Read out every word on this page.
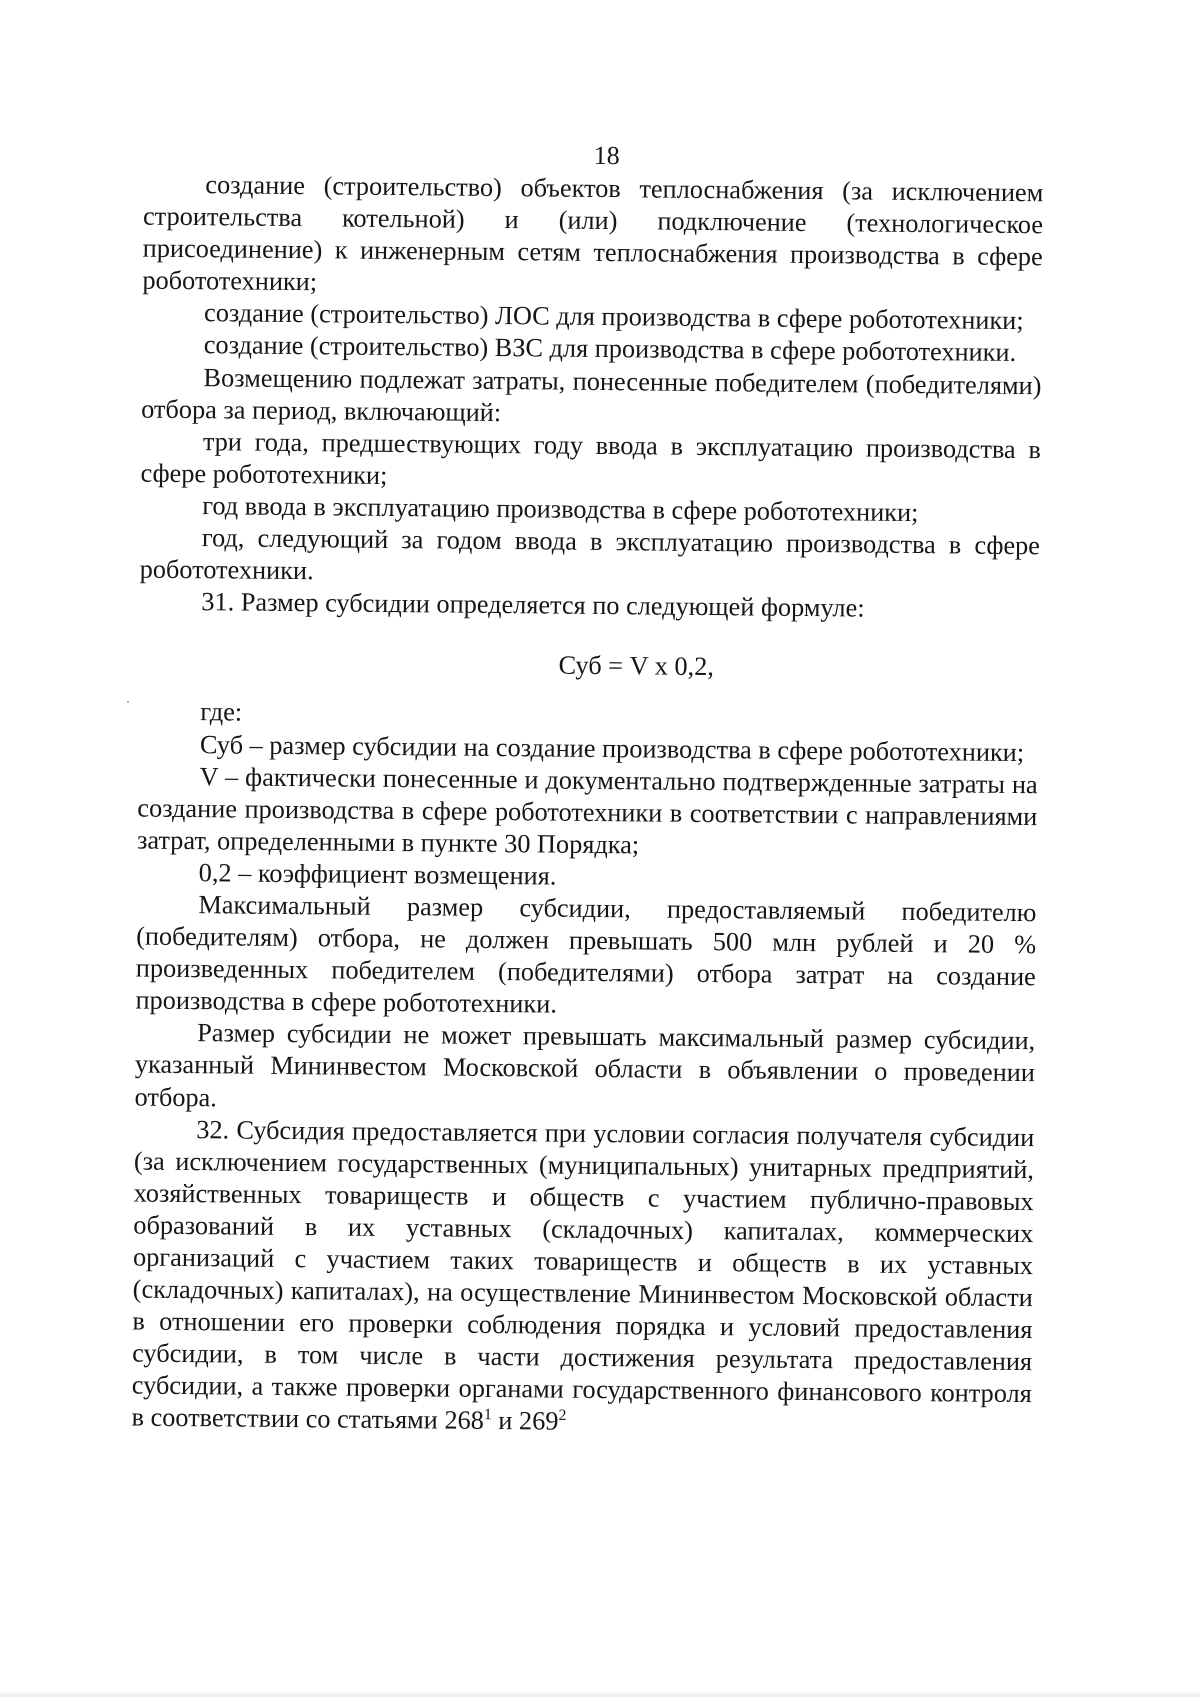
18

создание (строительство) объектов теплоснабжения (за исключением строительства котельной) и (или) подключение (технологическое присоединение) к инженерным сетям теплоснабжения производства в сфере робототехники;

создание (строительство) ЛОС для производства в сфере робототехники;

создание (строительство) ВЗС для производства в сфере робототехники.

Возмещению подлежат затраты, понесенные победителем (победителями) отбора за период, включающий:

три года, предшествующих году ввода в эксплуатацию производства в сфере робототехники;

год ввода в эксплуатацию производства в сфере робототехники;

год, следующий за годом ввода в эксплуатацию производства в сфере робототехники.

31. Размер субсидии определяется по следующей формуле:

Суб = V x 0,2,

где:

Суб – размер субсидии на создание производства в сфере робототехники;

V – фактически понесенные и документально подтвержденные затраты на создание производства в сфере робототехники в соответствии с направлениями затрат, определенными в пункте 30 Порядка;

0,2 – коэффициент возмещения.

Максимальный размер субсидии, предоставляемый победителю (победителям) отбора, не должен превышать 500 млн рублей и 20 % произведенных победителем (победителями) отбора затрат на создание производства в сфере робототехники.

Размер субсидии не может превышать максимальный размер субсидии, указанный Мининвестом Московской области в объявлении о проведении отбора.

32. Субсидия предоставляется при условии согласия получателя субсидии (за исключением государственных (муниципальных) унитарных предприятий, хозяйственных товариществ и обществ с участием публично-правовых образований в их уставных (складочных) капиталах, коммерческих организаций с участием таких товариществ и обществ в их уставных (складочных) капиталах), на осуществление Мининвестом Московской области в отношении его проверки соблюдения порядка и условий предоставления субсидии, в том числе в части достижения результата предоставления субсидии, а также проверки органами государственного финансового контроля в соответствии со статьями $268^1$ и $269^2$
